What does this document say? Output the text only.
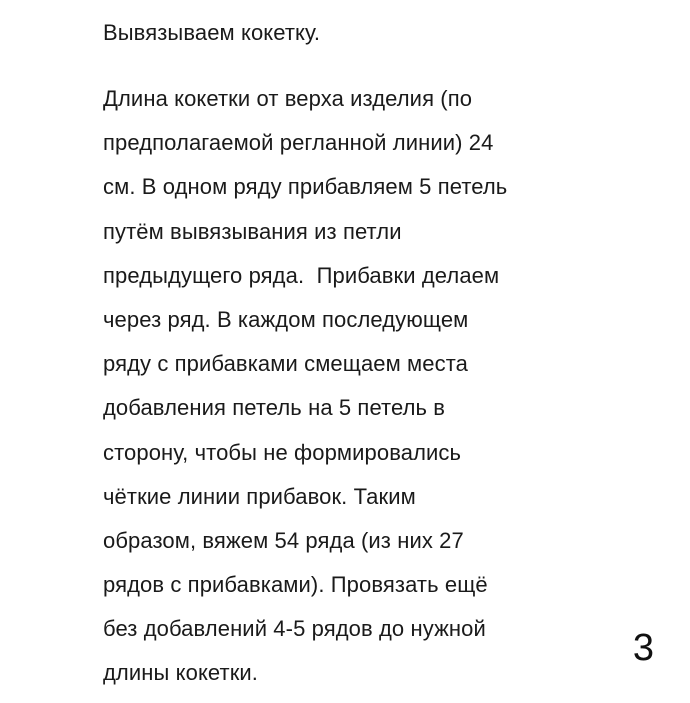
Вывязываем кокетку.
Длина кокетки от верха изделия (по
предполагаемой регланной линии) 24
см. В одном ряду прибавляем 5 петель
путём вывязывания из петли
предыдущего ряда.  Прибавки делаем
через ряд. В каждом последующем
ряду с прибавками смещаем места
добавления петель на 5 петель в
сторону, чтобы не формировались
чёткие линии прибавок. Таким
образом, вяжем 54 ряда (из них 27
рядов с прибавками). Провязать ещё
без добавлений 4-5 рядов до нужной
длины кокетки.
3
